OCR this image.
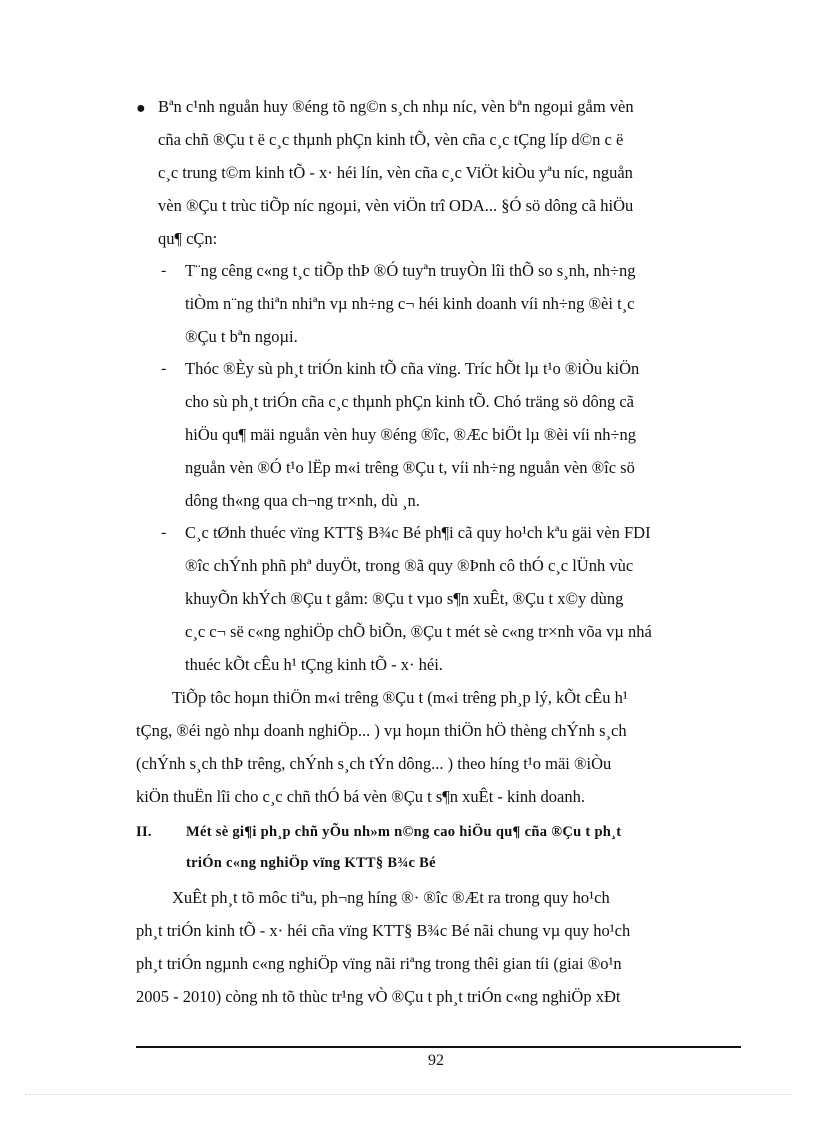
● Bªn c¹nh nguån huy ®éng tõ ng©n s¸ch nhµ níc, vèn bªn ngoµi gåm vèn
cña chñ ®Çu t ë c¸c thµnh phÇn kinh tÕ, vèn cña c¸c tÇng líp d©n c ë
c¸c trung t©m kinh tÕ - x· héi lín, vèn cña c¸c ViÖt kiÒu yªu níc, nguån
vèn ®Çu t trùc tiÕp níc ngoµi, vèn viÖn trî ODA... §Ó sö dông cã hiÖu
qu¶ cÇn:
- T¨ng cêng c«ng t¸c tiÕp thÞ ®Ó tuyªn truyÒn lîi thÕ so s¸nh, nh÷ng
tiÒm n¨ng thiªn nhiªn vµ nh÷ng c¬ héi kinh doanh víi nh÷ng ®èi t¸c
®Çu t bªn ngoµi.
- Thóc ®Èy sù ph¸t triÓn kinh tÕ cña vïng. Tríc hÕt lµ t¹o ®iÒu kiÖn
cho sù ph¸t triÓn cña c¸c thµnh phÇn kinh tÕ. Chó träng sö dông cã
hiÖu qu¶ mäi nguån vèn huy ®éng ®îc, ®Æc biÖt lµ ®èi víi nh÷ng
nguån vèn ®Ó t¹o lËp m«i trêng ®Çu t, víi nh÷ng nguån vèn ®îc sö
dông th«ng qua ch¬ng tr×nh, dù ¸n.
- C¸c tØnh thuéc vïng KTT§ B¾c Bé ph¶i cã quy ho¹ch kªu gäi vèn FDI
®îc chÝnh phñ phª duyÖt, trong ®ã quy ®Þnh cô thÓ c¸c lÜnh vùc
khuyÕn khÝch ®Çu t gåm: ®Çu t vµo s¶n xuÊt, ®Çu t x©y dùng
c¸c c¬ së c«ng nghiÖp chÕ biÕn, ®Çu t mét sè c«ng tr×nh võa vµ nhá
thuéc kÕt cÊu h¹ tÇng kinh tÕ - x· héi.
TiÕp tôc hoµn thiÖn m«i trêng ®Çu t (m«i trêng ph¸p lý, kÕt cÊu h¹
tÇng, ®éi ngò nhµ doanh nghiÖp... ) vµ hoµn thiÖn hÖ thèng chÝnh s¸ch
(chÝnh s¸ch thÞ trêng, chÝnh s¸ch tÝn dông... ) theo híng t¹o mäi ®iÒu
kiÖn thuËn lîi cho c¸c chñ thÓ bá vèn ®Çu t s¶n xuÊt - kinh doanh.
II. Mét sè gi¶i ph¸p chñ yÕu nh»m n©ng cao hiÖu qu¶ cña ®Çu t ph¸t
triÓn c«ng nghiÖp vïng KTT§ B¾c Bé
XuÊt ph¸t tõ môc tiªu, ph¬ng híng ®· ®îc ®Æt ra trong quy ho¹ch
ph¸t triÓn kinh tÕ - x· héi cña vïng KTT§ B¾c Bé nãi chung vµ quy ho¹ch
ph¸t triÓn ngµnh c«ng nghiÖp vïng nãi riªng trong thêi gian tíi (giai ®o¹n
2005 - 2010) còng nh tõ thùc tr¹ng vÒ ®Çu t ph¸t triÓn c«ng nghiÖp xÐt
92
